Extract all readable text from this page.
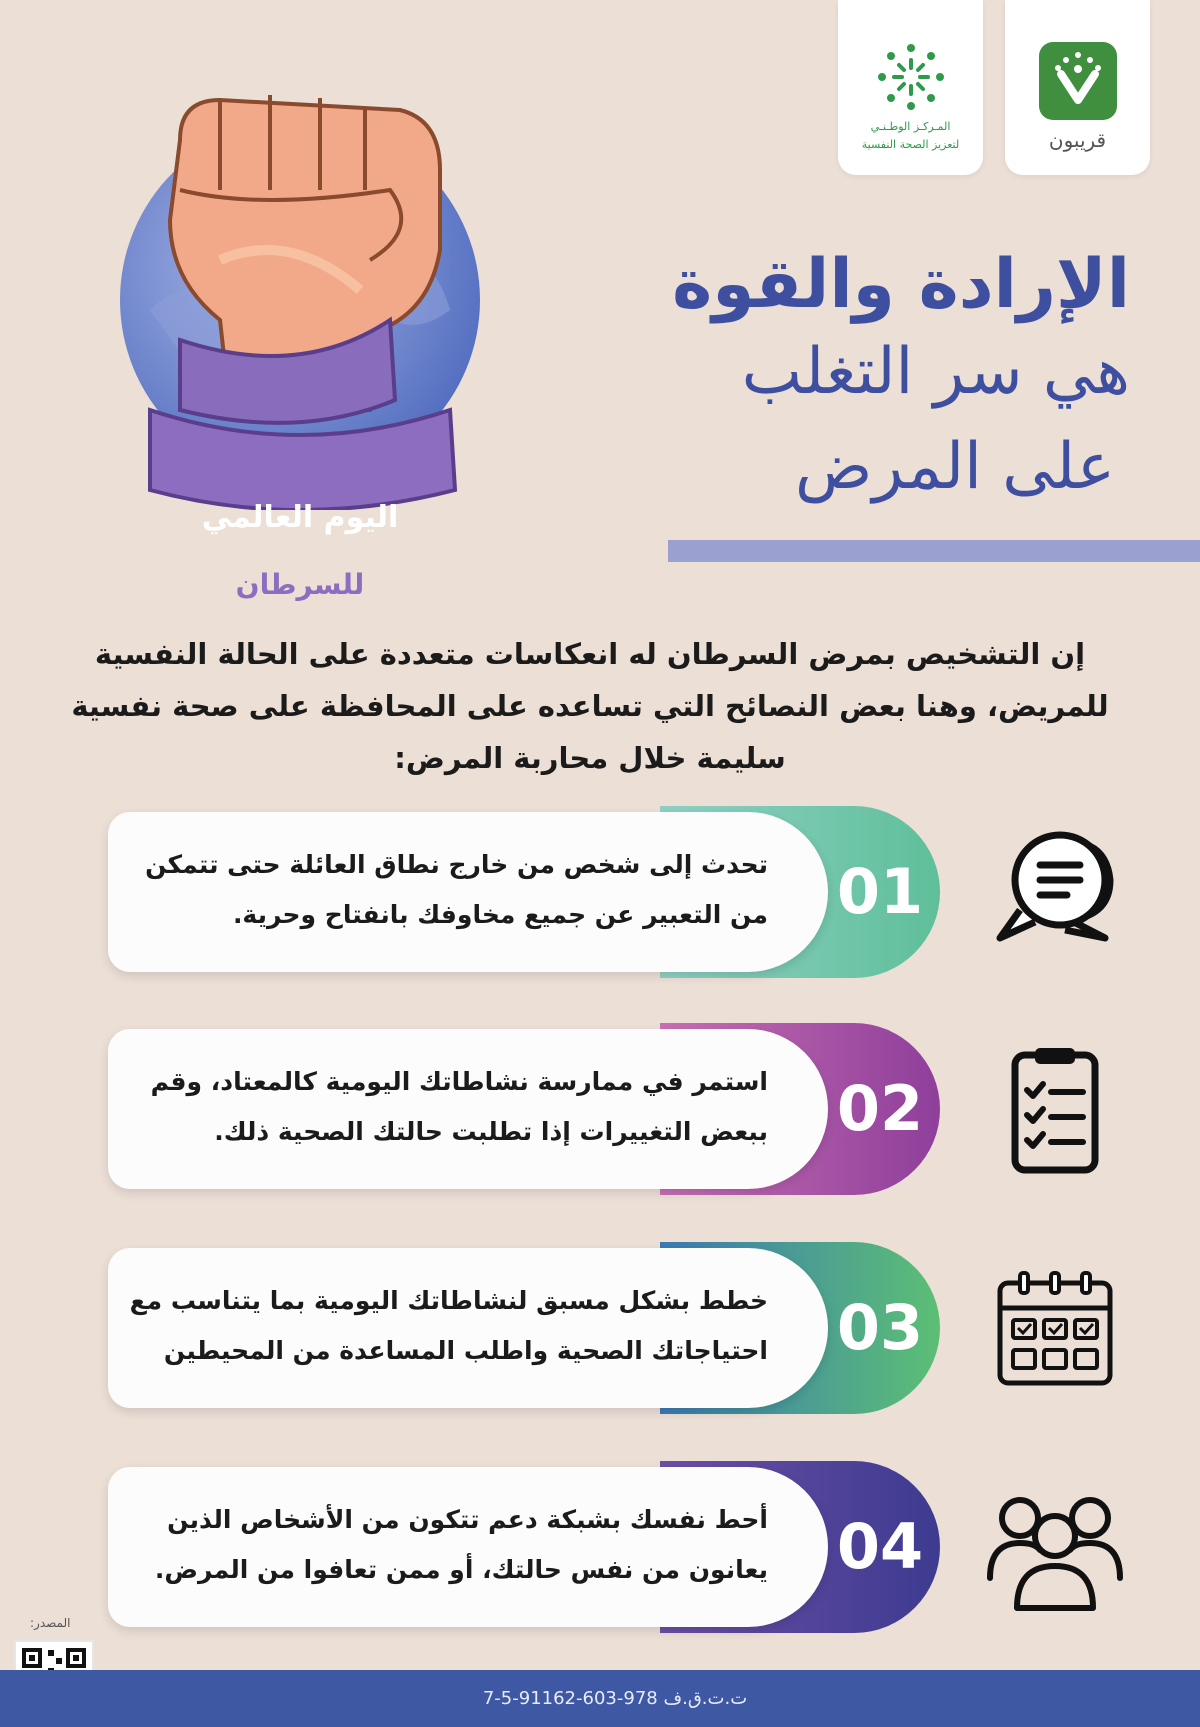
قريبون
المـركـز الوطـنـي
لتعزيز الصحة النفسية
اليوم العالمي
للسرطان
الإرادة والقوة
هي سر التغلب
على المرض
إن التشخيص بمرض السرطان له انعكاسات متعددة على الحالة النفسية للمريض، وهنا بعض النصائح التي تساعده على المحافظة على صحة نفسية سليمة خلال محاربة المرض:
تحدث إلى شخص من خارج نطاق العائلة حتى تتمكن من التعبير عن جميع مخاوفك بانفتاح وحرية. 01
استمر في ممارسة نشاطاتك اليومية كالمعتاد، وقم ببعض التغييرات إذا تطلبت حالتك الصحية ذلك. 02
خطط بشكل مسبق لنشاطاتك اليومية بما يتناسب مع احتياجاتك الصحية واطلب المساعدة من المحيطين 03
أحط نفسك بشبكة دعم تتكون من الأشخاص الذين يعانون من نفس حالتك، أو ممن تعافوا من المرض. 04
المصدر:
ت.ت.ق.ف 978-603-91162-5-7
